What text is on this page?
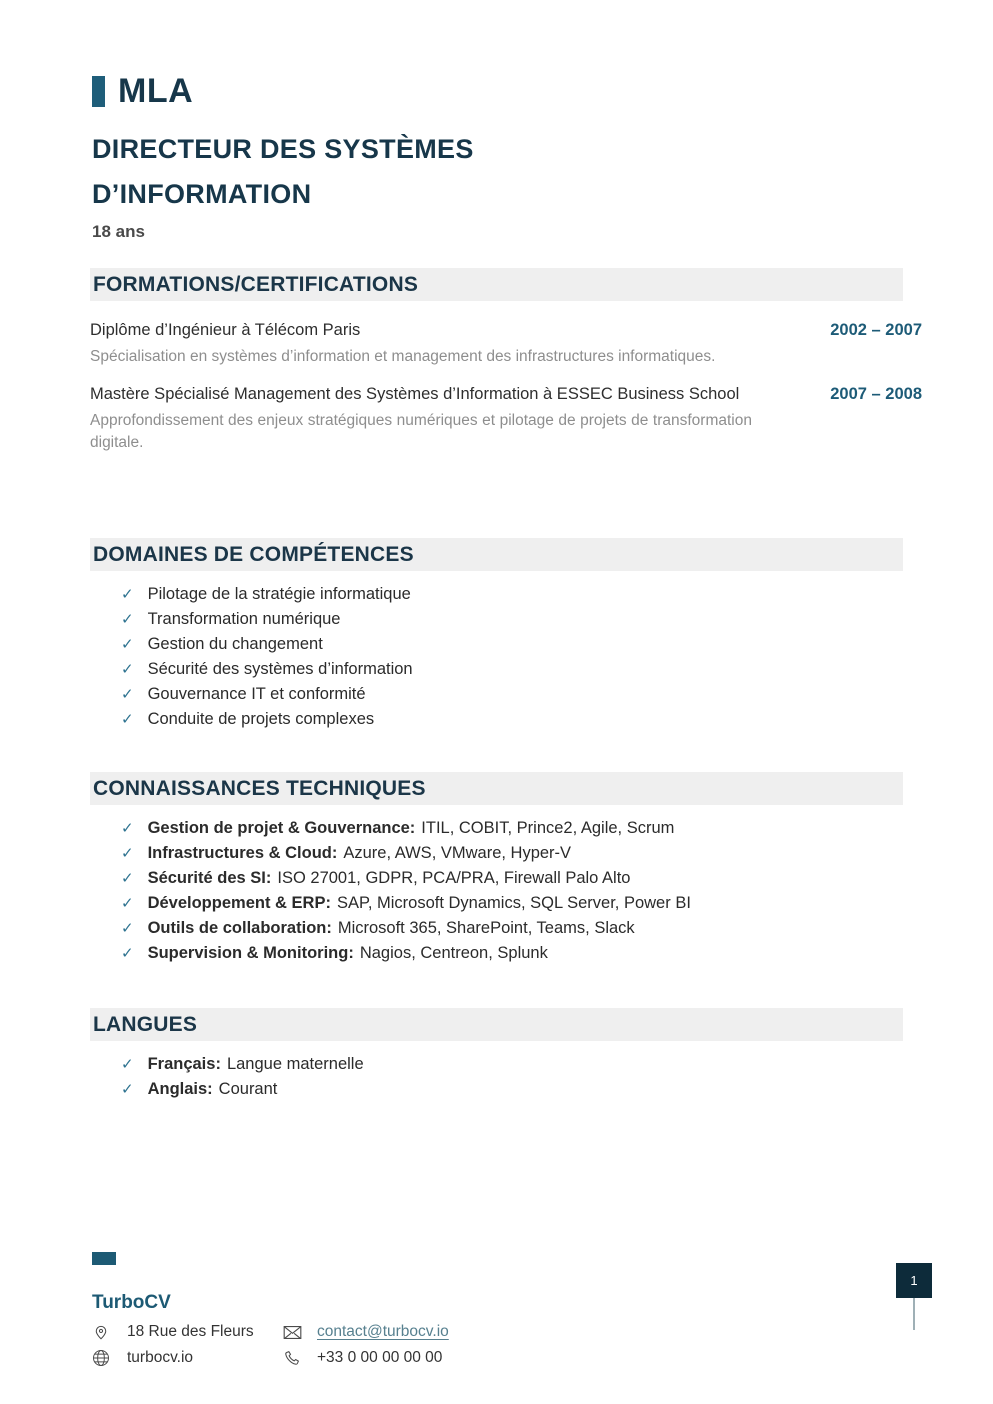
MLA
DIRECTEUR DES SYSTÈMES
D’INFORMATION
18 ans
FORMATIONS/CERTIFICATIONS
Diplôme d’Ingénieur à Télécom Paris	2002 – 2007
Spécialisation en systèmes d’information et management des infrastructures informatiques.
Mastère Spécialisé Management des Systèmes d’Information à ESSEC Business School	2007 – 2008
Approfondissement des enjeux stratégiques numériques et pilotage de projets de transformation digitale.
DOMAINES DE COMPÉTENCES
✓ Pilotage de la stratégie informatique
✓ Transformation numérique
✓ Gestion du changement
✓ Sécurité des systèmes d’information
✓ Gouvernance IT et conformité
✓ Conduite de projets complexes
CONNAISSANCES TECHNIQUES
✓ Gestion de projet & Gouvernance: ITIL, COBIT, Prince2, Agile, Scrum
✓ Infrastructures & Cloud: Azure, AWS, VMware, Hyper-V
✓ Sécurité des SI: ISO 27001, GDPR, PCA/PRA, Firewall Palo Alto
✓ Développement & ERP: SAP, Microsoft Dynamics, SQL Server, Power BI
✓ Outils de collaboration: Microsoft 365, SharePoint, Teams, Slack
✓ Supervision & Monitoring: Nagios, Centreon, Splunk
LANGUES
✓ Français: Langue maternelle
✓ Anglais: Courant
TurboCV
18 Rue des Fleurs	contact@turbocv.io
turbocv.io	+33 0 00 00 00 00
1
